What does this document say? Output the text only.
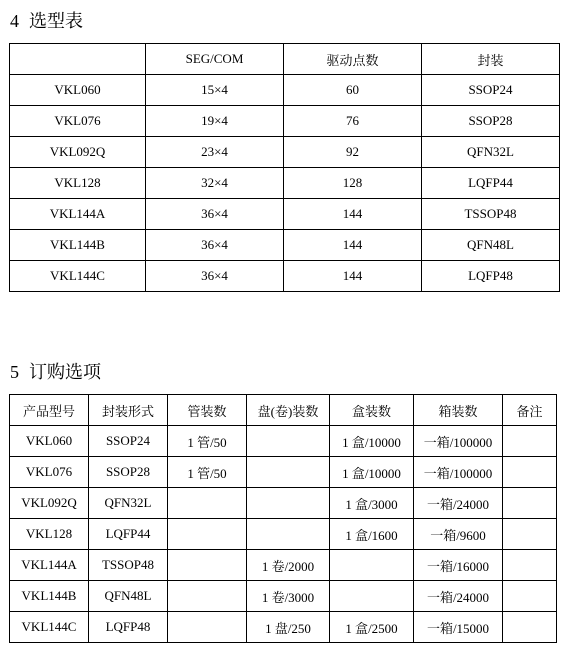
4 选型表
	SEG/COM	驱动点数	封装
VKL060	15×4	60	SSOP24
VKL076	19×4	76	SSOP28
VKL092Q	23×4	92	QFN32L
VKL128	32×4	128	LQFP44
VKL144A	36×4	144	TSSOP48
VKL144B	36×4	144	QFN48L
VKL144C	36×4	144	LQFP48
5 订购选项
产品型号	封装形式	管装数	盘(卷)装数	盒装数	箱装数	备注
VKL060	SSOP24	1 管/50		1 盒/10000	一箱/100000	
VKL076	SSOP28	1 管/50		1 盒/10000	一箱/100000	
VKL092Q	QFN32L			1 盒/3000	一箱/24000	
VKL128	LQFP44			1 盒/1600	一箱/9600	
VKL144A	TSSOP48		1 卷/2000		一箱/16000	
VKL144B	QFN48L		1 卷/3000		一箱/24000	
VKL144C	LQFP48		1 盘/250	1 盒/2500	一箱/15000	
